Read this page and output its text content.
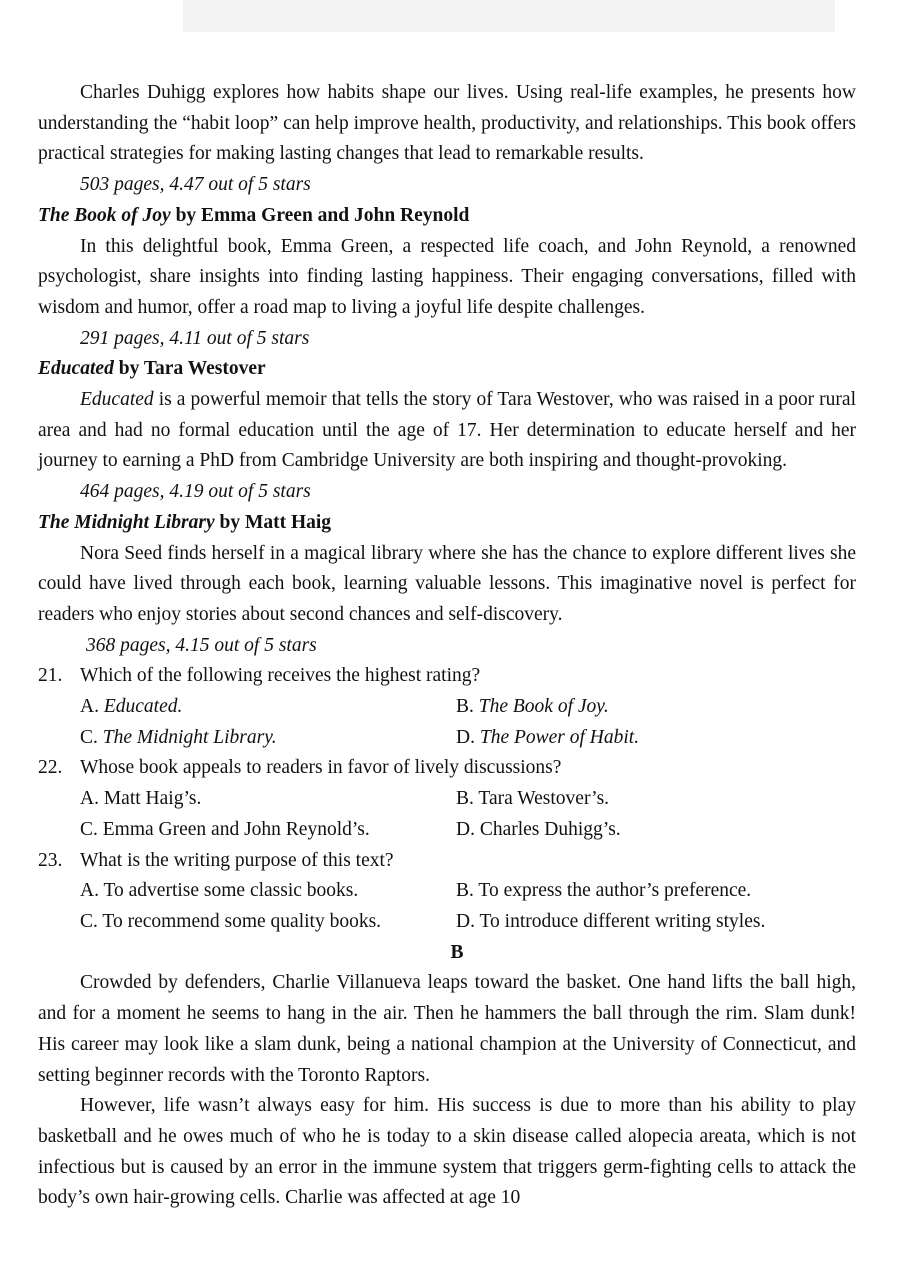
Charles Duhigg explores how habits shape our lives. Using real-life examples, he presents how understanding the “habit loop” can help improve health, productivity, and relationships. This book offers practical strategies for making lasting changes that lead to remarkable results.

503 pages, 4.47 out of 5 stars

The Book of Joy by Emma Green and John Reynold

In this delightful book, Emma Green, a respected life coach, and John Reynold, a renowned psychologist, share insights into finding lasting happiness. Their engaging conversations, filled with wisdom and humor, offer a road map to living a joyful life despite challenges.

291 pages, 4.11 out of 5 stars

Educated by Tara Westover

Educated is a powerful memoir that tells the story of Tara Westover, who was raised in a poor rural area and had no formal education until the age of 17. Her determination to educate herself and her journey to earning a PhD from Cambridge University are both inspiring and thought-provoking.

464 pages, 4.19 out of 5 stars

The Midnight Library by Matt Haig

Nora Seed finds herself in a magical library where she has the chance to explore different lives she could have lived through each book, learning valuable lessons. This imaginative novel is perfect for readers who enjoy stories about second chances and self-discovery.

368 pages, 4.15 out of 5 stars

21. Which of the following receives the highest rating?
A. Educated.	B. The Book of Joy.
C. The Midnight Library.	D. The Power of Habit.
22. Whose book appeals to readers in favor of lively discussions?
A. Matt Haig’s.	B. Tara Westover’s.
C. Emma Green and John Reynold’s.	D. Charles Duhigg’s.
23. What is the writing purpose of this text?
A. To advertise some classic books.	B. To express the author’s preference.
C. To recommend some quality books.	D. To introduce different writing styles.

B

Crowded by defenders, Charlie Villanueva leaps toward the basket. One hand lifts the ball high, and for a moment he seems to hang in the air. Then he hammers the ball through the rim. Slam dunk! His career may look like a slam dunk, being a national champion at the University of Connecticut, and setting beginner records with the Toronto Raptors.

However, life wasn’t always easy for him. His success is due to more than his ability to play basketball and he owes much of who he is today to a skin disease called alopecia areata, which is not infectious but is caused by an error in the immune system that triggers germ-fighting cells to attack the body’s own hair-growing cells. Charlie was affected at age 10
